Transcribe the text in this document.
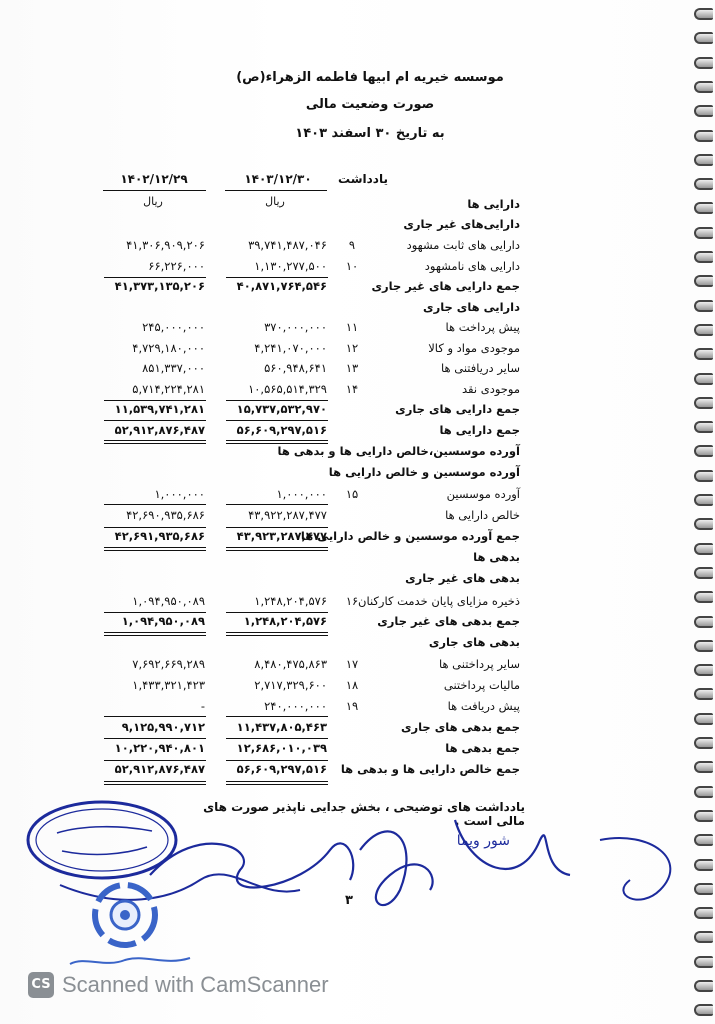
موسسه خیریه ام ابیها فاطمه الزهراء(ص)
صورت وضعیت مالی
به تاریخ ۳۰ اسفند ۱۴۰۳
یادداشت
۱۴۰۳/۱۲/۳۰
۱۴۰۲/۱۲/۲۹
ریال
ریال	دارایی ها
دارایی‌های غیر جاری
دارایی های ثابت مشهود
۹
۳۹,۷۴۱,۴۸۷,۰۴۶
۴۱,۳۰۶,۹۰۹,۲۰۶
دارایی های نامشهود
۱۰
۱,۱۳۰,۲۷۷,۵۰۰
۶۶,۲۲۶,۰۰۰
جمع دارایی های غیر جاری
۴۰,۸۷۱,۷۶۴,۵۴۶
۴۱,۳۷۳,۱۳۵,۲۰۶
دارایی های جاری
پیش پرداخت ها
۱۱
۳۷۰,۰۰۰,۰۰۰
۲۴۵,۰۰۰,۰۰۰
موجودی مواد و کالا
۱۲
۴,۲۴۱,۰۷۰,۰۰۰
۴,۷۲۹,۱۸۰,۰۰۰
سایر دریافتنی ها
۱۳
۵۶۰,۹۴۸,۶۴۱
۸۵۱,۳۳۷,۰۰۰
موجودی نقد
۱۴
۱۰,۵۶۵,۵۱۴,۳۲۹
۵,۷۱۴,۲۲۴,۲۸۱
جمع دارایی های جاری
۱۵,۷۳۷,۵۳۲,۹۷۰
۱۱,۵۳۹,۷۴۱,۲۸۱
جمع دارایی ها
۵۶,۶۰۹,۲۹۷,۵۱۶
۵۲,۹۱۲,۸۷۶,۴۸۷
آورده موسسین،خالص دارایی ها و بدهی ها
آورده موسسین و خالص دارایی ها
آورده موسسین
۱۵
۱,۰۰۰,۰۰۰
۱,۰۰۰,۰۰۰
خالص دارایی ها
۴۳,۹۲۲,۲۸۷,۴۷۷
۴۲,۶۹۰,۹۳۵,۶۸۶
جمع آورده موسسین و خالص دارایی ها
۴۳,۹۲۳,۲۸۷,۴۷۷
۴۲,۶۹۱,۹۳۵,۶۸۶
بدهی ها
بدهی های غیر جاری
ذخیره مزایای پایان خدمت کارکنان
۱۶
۱,۲۴۸,۲۰۴,۵۷۶
۱,۰۹۴,۹۵۰,۰۸۹
جمع بدهی های غیر جاری
۱,۲۴۸,۲۰۴,۵۷۶
۱,۰۹۴,۹۵۰,۰۸۹
بدهی های جاری
سایر پرداختنی ها
۱۷
۸,۴۸۰,۴۷۵,۸۶۳
۷,۶۹۲,۶۶۹,۲۸۹
مالیات پرداختنی
۱۸
۲,۷۱۷,۳۲۹,۶۰۰
۱,۴۳۳,۳۲۱,۴۲۳
پیش دریافت ها
۱۹
۲۴۰,۰۰۰,۰۰۰
-
جمع بدهی های جاری
۱۱,۴۳۷,۸۰۵,۴۶۳
۹,۱۲۵,۹۹۰,۷۱۲
جمع بدهی ها
۱۲,۶۸۶,۰۱۰,۰۳۹
۱۰,۲۲۰,۹۴۰,۸۰۱
جمع خالص دارایی ها و بدهی ها
۵۶,۶۰۹,۲۹۷,۵۱۶
۵۲,۹۱۲,۸۷۶,۴۸۷
یادداشت های توضیحی ، بخش جدایی ناپذیر صورت های مالی است .
شور ویما
۳
CS Scanned with CamScanner
